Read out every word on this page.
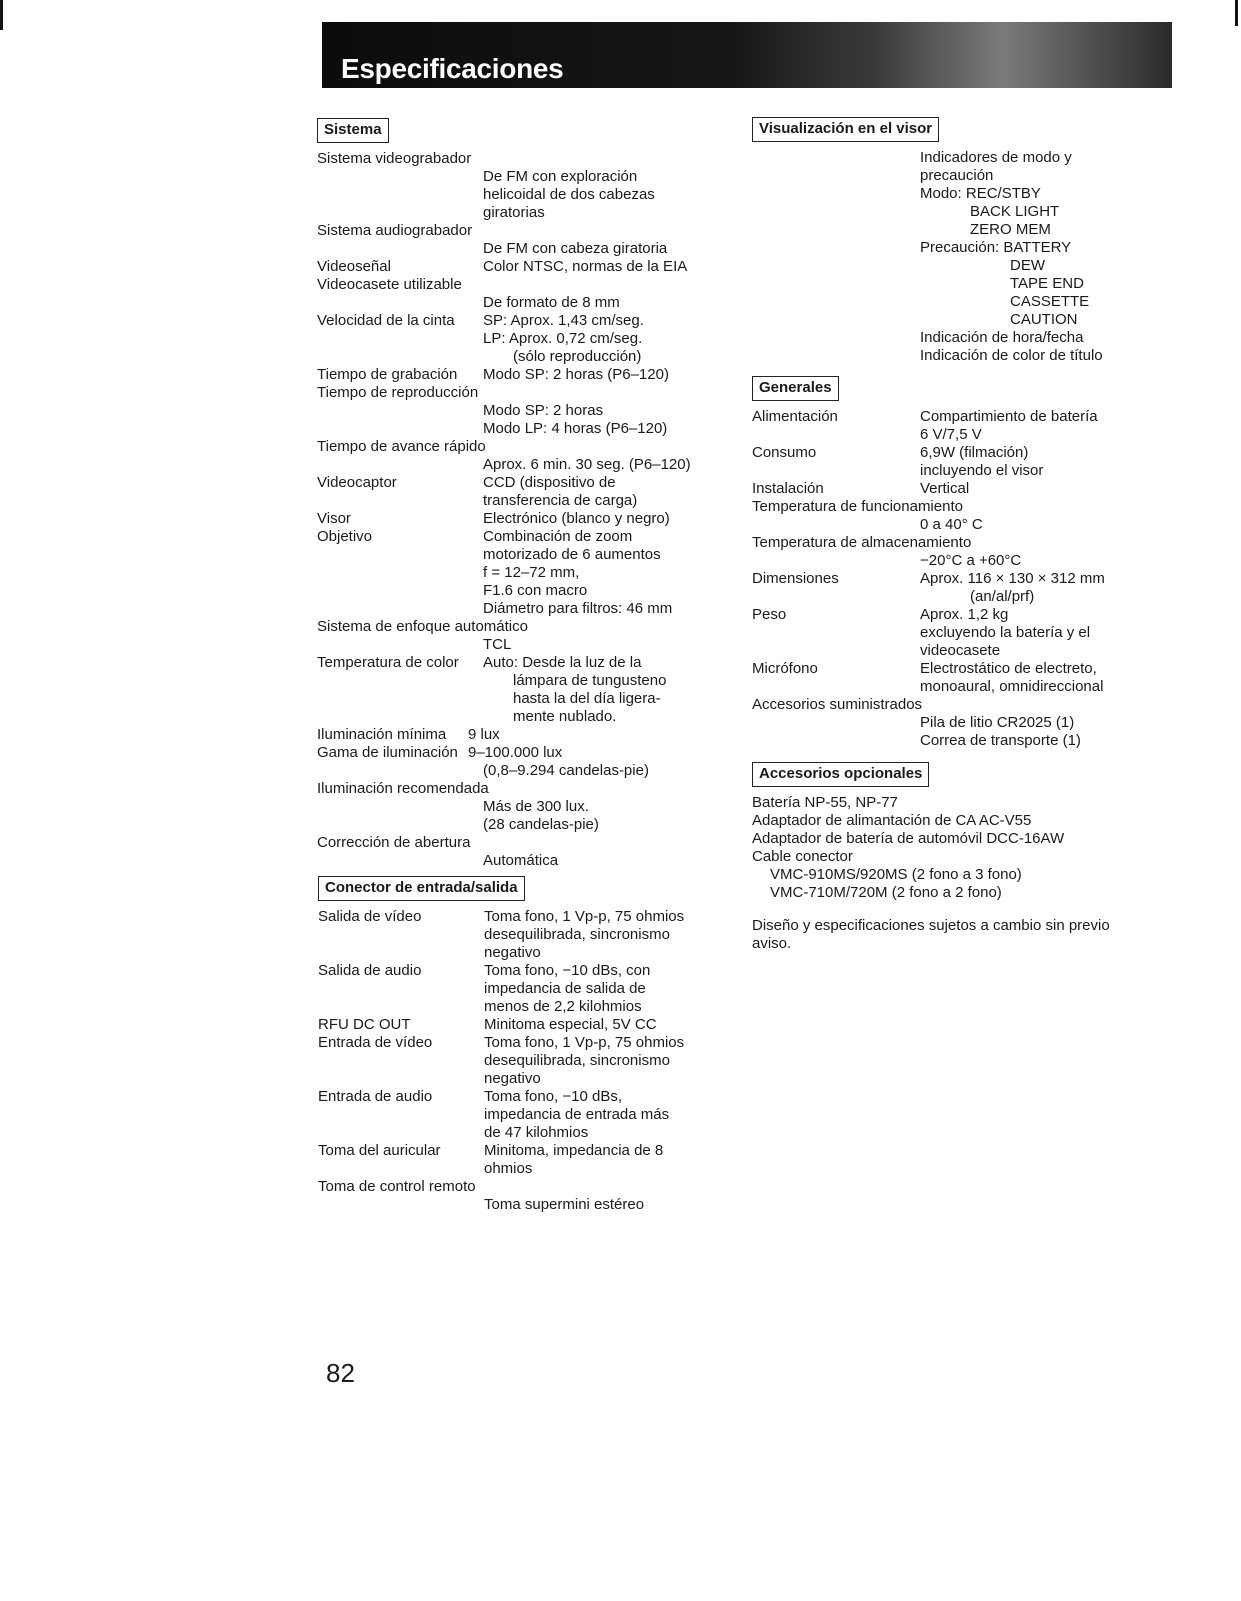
Especificaciones
Sistema
Sistema videograbador
De FM con exploración
helicoidal de dos cabezas
giratorias
Sistema audiograbador
De FM con cabeza giratoria
Videoseñal	Color NTSC, normas de la EIA
Videocasete utilizable
De formato de 8 mm
Velocidad de la cinta SP: Aprox. 1,43 cm/seg.
LP: Aprox. 0,72 cm/seg.
(sólo reproducción)
Tiempo de grabación Modo SP: 2 horas (P6–120)
Tiempo de reproducción
Modo SP: 2 horas
Modo LP: 4 horas (P6–120)
Tiempo de avance rápido
Aprox. 6 min. 30 seg. (P6–120)
Videocaptor	CCD (dispositivo de
transferencia de carga)
Visor	Electrónico (blanco y negro)
Objetivo	Combinación de zoom
motorizado de 6 aumentos
f = 12–72 mm,
F1.6 con macro
Diámetro para filtros: 46 mm
Sistema de enfoque automático
TCL
Temperatura de color Auto: Desde la luz de la
lámpara de tungusteno
hasta la del día ligera-
mente nublado.
Iluminación mínima 9 lux
Gama de iluminación 9–100.000 lux
(0,8–9.294 candelas-pie)
Iluminación recomendada
Más de 300 lux.
(28 candelas-pie)
Corrección de abertura
Automática
Conector de entrada/salida
Salida de vídeo	Toma fono, 1 Vp-p, 75 ohmios
desequilibrada, sincronismo
negativo
Salida de audio	Toma fono, −10 dBs, con
impedancia de salida de
menos de 2,2 kilohmios
RFU DC OUT	Minitoma especial, 5V CC
Entrada de vídeo	Toma fono, 1 Vp-p, 75 ohmios
desequilibrada, sincronismo
negativo
Entrada de audio	Toma fono, −10 dBs,
impedancia de entrada más
de 47 kilohmios
Toma del auricular	Minitoma, impedancia de 8
ohmios
Toma de control remoto
Toma supermini estéreo
Visualización en el visor
Indicadores de modo y
precaución
Modo: REC/STBY
BACK LIGHT
ZERO MEM
Precaución: BATTERY
DEW
TAPE END
CASSETTE
CAUTION
Indicación de hora/fecha
Indicación de color de título
Generales
Alimentación	Compartimiento de batería
6 V/7,5 V
Consumo	6,9W (filmación)
incluyendo el visor
Instalación	Vertical
Temperatura de funcionamiento
0 a 40° C
Temperatura de almacenamiento
−20°C a +60°C
Dimensiones	Aprox. 116 × 130 × 312 mm
(an/al/prf)
Peso	Aprox. 1,2 kg
excluyendo la batería y el
videocasete
Micrófono	Electrostático de electreto,
monoaural, omnidireccional
Accesorios suministrados
Pila de litio CR2025 (1)
Correa de transporte (1)
Accesorios opcionales
Batería NP-55, NP-77
Adaptador de alimantación de CA AC-V55
Adaptador de batería de automóvil DCC-16AW
Cable conector
VMC-910MS/920MS (2 fono a 3 fono)
VMC-710M/720M (2 fono a 2 fono)
Diseño y especificaciones sujetos a cambio sin previo aviso.
82
